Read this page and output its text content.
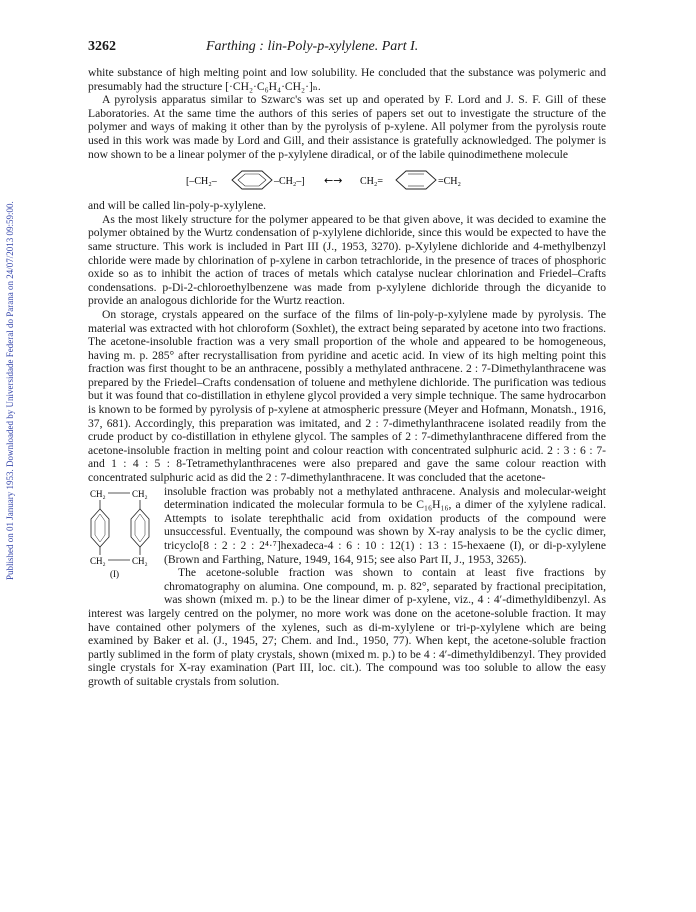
Published on 01 January 1953. Downloaded by Universidade Federal do Parana on 24/07/2013 09:59:00.
3262	Farthing : lin-Poly-p-xylylene. Part I.

white substance of high melting point and low solubility. He concluded that the substance was polymeric and presumably had the structure [·CH₂·C₆H₄·CH₂·]ₙ.

A pyrolysis apparatus similar to Szwarc's was set up and operated by F. Lord and J. S. F. Gill of these Laboratories. At the same time the authors of this series of papers set out to investigate the structure of the polymer and ways of making it other than by the pyrolysis of p-xylene. All polymer from the pyrolysis route used in this work was made by Lord and Gill, and their assistance is gratefully acknowledged. The polymer is now shown to be a linear polymer of the p-xylylene diradical, or of the labile quinodimethene molecule

[–CH₂–	–CH₂–] ←→ CH₂=	=CH₂

and will be called lin-poly-p-xylylene.

As the most likely structure for the polymer appeared to be that given above, it was decided to examine the polymer obtained by the Wurtz condensation of p-xylylene dichloride, since this would be expected to have the same structure. This work is included in Part III (J., 1953, 3270). p-Xylylene dichloride and 4-methylbenzyl chloride were made by chlorination of p-xylene in carbon tetrachloride, in the presence of traces of phosphoric oxide so as to inhibit the action of traces of metals which catalyse nuclear chlorination and Friedel–Crafts condensations. p-Di-2-chloroethylbenzene was made from p-xylylene dichloride through the dicyanide to provide an analogous dichloride for the Wurtz reaction.

On storage, crystals appeared on the surface of the films of lin-poly-p-xylylene made by pyrolysis. The material was extracted with hot chloroform (Soxhlet), the extract being separated by acetone into two fractions. The acetone-insoluble fraction was a very small proportion of the whole and appeared to be homogeneous, having m. p. 285° after recrystallisation from pyridine and acetic acid. In view of its high melting point this fraction was first thought to be an anthracene, possibly a methylated anthracene. 2 : 7-Dimethylanthracene was prepared by the Friedel–Crafts condensation of toluene and methylene dichloride. The purification was tedious but it was found that co-distillation in ethylene glycol provided a very simple technique. The same hydrocarbon is known to be formed by pyrolysis of p-xylene at atmospheric pressure (Meyer and Hofmann, Monatsh., 1916, 37, 681). Accordingly, this preparation was imitated, and 2 : 7-dimethylanthracene isolated readily from the crude product by co-distillation in ethylene glycol. The samples of 2 : 7-dimethylanthracene differed from the acetone-insoluble fraction in melting point and colour reaction with concentrated sulphuric acid. 2 : 3 : 6 : 7- and 1 : 4 : 5 : 8-Tetramethylanthracenes were also prepared and gave the same colour reaction with concentrated sulphuric acid as did the 2 : 7-dimethylanthracene. It was concluded that the acetone-

CH₂	CH₂
CH₂	CH₂
(I)

insoluble fraction was probably not a methylated anthracene. Analysis and molecular-weight determination indicated the molecular formula to be C₁₆H₁₆, a dimer of the xylylene radical. Attempts to isolate terephthalic acid from oxidation products of the compound were unsuccessful. Eventually, the compound was shown by X-ray analysis to be the cyclic dimer, tricyclo[8 : 2 : 2 : 2⁴·⁷]hexadeca-4 : 6 : 10 : 12(1) : 13 : 15-hexaene (I), or di-p-xylylene (Brown and Farthing, Nature, 1949, 164, 915; see also Part II, J., 1953, 3265).

The acetone-soluble fraction was shown to contain at least five fractions by chromatography on alumina. One compound, m. p. 82°, separated by fractional precipitation, was shown (mixed m. p.) to be the linear dimer of p-xylene, viz., 4 : 4′-dimethyldibenzyl. As interest was largely centred on the polymer, no more work was done on the acetone-soluble fraction. It may have contained other polymers of the xylenes, such as di-m-xylylene or tri-p-xylylene which are being examined by Baker et al. (J., 1945, 27; Chem. and Ind., 1950, 77). When kept, the acetone-soluble fraction partly sublimed in the form of platy crystals, shown (mixed m. p.) to be 4 : 4′-dimethyldibenzyl. They provided single crystals for X-ray examination (Part III, loc. cit.). The compound was too soluble to allow the easy growth of suitable crystals from solution.
